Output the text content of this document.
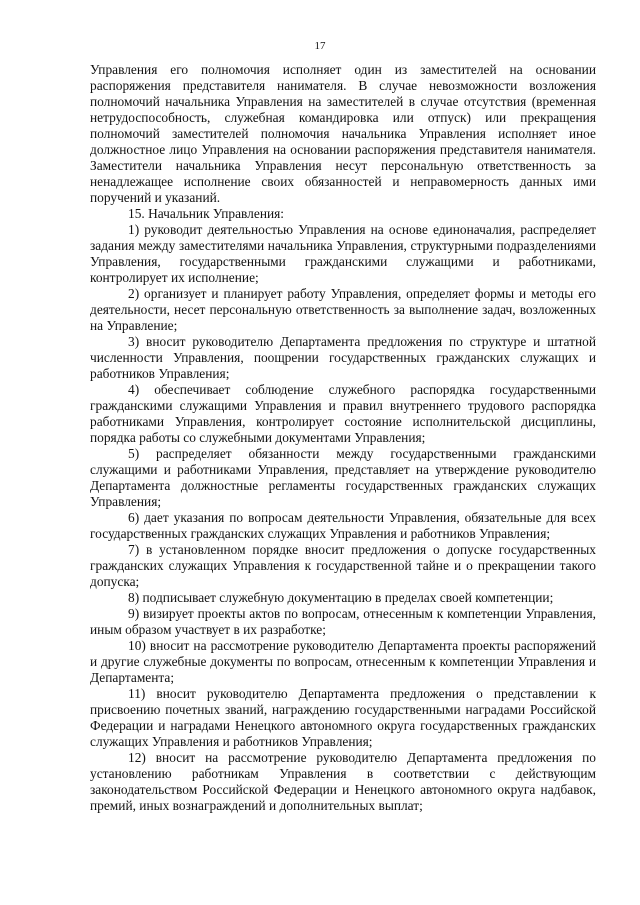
17

Управления его полномочия исполняет один из заместителей на основании распоряжения представителя нанимателя. В случае невозможности возложения полномочий начальника Управления на заместителей в случае отсутствия (временная нетрудоспособность, служебная командировка или отпуск) или прекращения полномочий заместителей полномочия начальника Управления исполняет иное должностное лицо Управления на основании распоряжения представителя нанимателя. Заместители начальника Управления несут персональную ответственность за ненадлежащее исполнение своих обязанностей и неправомерность данных ими поручений и указаний.

15. Начальник Управления:

1) руководит деятельностью Управления на основе единоначалия, распределяет задания между заместителями начальника Управления, структурными подразделениями Управления, государственными гражданскими служащими и работниками, контролирует их исполнение;

2) организует и планирует работу Управления, определяет формы и методы его деятельности, несет персональную ответственность за выполнение задач, возложенных на Управление;

3) вносит руководителю Департамента предложения по структуре и штатной численности Управления, поощрении государственных гражданских служащих и работников Управления;

4) обеспечивает соблюдение служебного распорядка государственными гражданскими служащими Управления и правил внутреннего трудового распорядка работниками Управления, контролирует состояние исполнительской дисциплины, порядка работы со служебными документами Управления;

5) распределяет обязанности между государственными гражданскими служащими и работниками Управления, представляет на утверждение руководителю Департамента должностные регламенты государственных гражданских служащих Управления;

6) дает указания по вопросам деятельности Управления, обязательные для всех государственных гражданских служащих Управления и работников Управления;

7) в установленном порядке вносит предложения о допуске государственных гражданских служащих Управления к государственной тайне и о прекращении такого допуска;

8) подписывает служебную документацию в пределах своей компетенции;

9) визирует проекты актов по вопросам, отнесенным к компетенции Управления, иным образом участвует в их разработке;

10) вносит на рассмотрение руководителю Департамента проекты распоряжений и другие служебные документы по вопросам, отнесенным к компетенции Управления и Департамента;

11) вносит руководителю Департамента предложения о представлении к присвоению почетных званий, награждению государственными наградами Российской Федерации и наградами Ненецкого автономного округа государственных гражданских служащих Управления и работников Управления;

12) вносит на рассмотрение руководителю Департамента предложения по установлению работникам Управления в соответствии с действующим законодательством Российской Федерации и Ненецкого автономного округа надбавок, премий, иных вознаграждений и дополнительных выплат;
